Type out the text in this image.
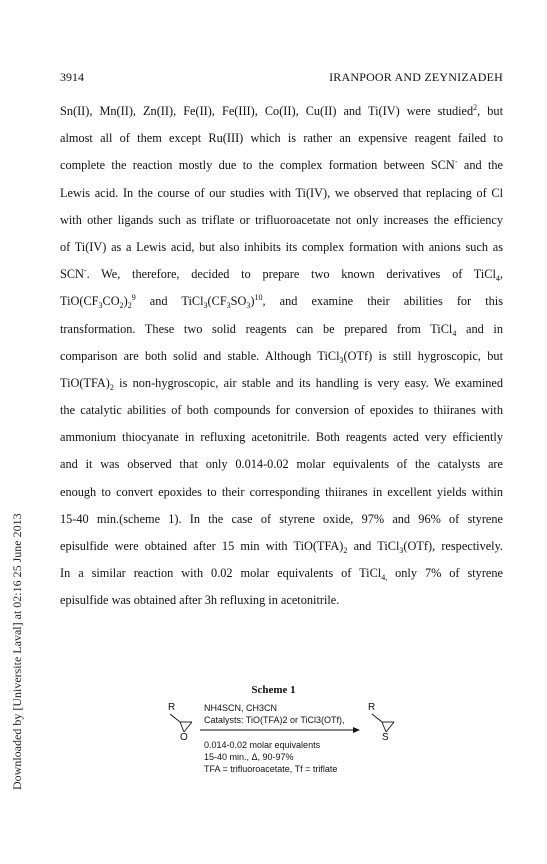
3914	IRANPOOR AND ZEYNIZADEH
Downloaded by [Universite Laval] at 02:16 25 June 2013
Sn(II), Mn(II), Zn(II), Fe(II), Fe(III), Co(II), Cu(II) and Ti(IV) were studied$^2$, but
almost all of them except Ru(III) which is rather an expensive reagent failed to
complete the reaction mostly due to the complex formation between SCN- and the
Lewis acid. In the course of our studies with Ti(IV), we observed that replacing of Cl
with other ligands such as triflate or trifluoroacetate not only increases the efficiency
of Ti(IV) as a Lewis acid, but also inhibits its complex formation with anions such as
SCN-. We, therefore, decided to prepare two known derivatives of TiCl$_4$,
$TiO(CF_3CO_2)_2^9$ and $TiCl_3(CF_3SO_3)^{10}$, and examine their abilities for this
transformation. These two solid reagents can be prepared from TiCl$_4$ and in
comparison are both solid and stable. Although TiCl$_3$(OTf) is still hygroscopic, but
$TiO(TFA)_2$ is non-hygroscopic, air stable and its handling is very easy. We examined
the catalytic abilities of both compounds for conversion of epoxides to thiiranes with
ammonium thiocyanate in refluxing acetonitrile. Both reagents acted very efficiently
and it was observed that only 0.014-0.02 molar equivalents of the catalysts are
enough to convert epoxides to their corresponding thiiranes in excellent yields within
15-40 min.(scheme 1). In the case of styrene oxide, 97% and 96% of styrene
episulfide were obtained after 15 min with $TiO(TFA)_2$ and TiCl$_3$(OTf), respectively.
In a similar reaction with 0.02 molar equivalents of TiCl$_{4,}$ only 7% of styrene
episulfide was obtained after 3h refluxing in acetonitrile.
Scheme 1
R
O
R
S
NH4SCN, CH3CN
Catalysts: TiO(TFA)2 or TiCl3(OTf),
0.014-0.02 molar equivalents
15-40 min., Δ, 90-97%
TFA = trifluoroacetate, Tf = triflate
